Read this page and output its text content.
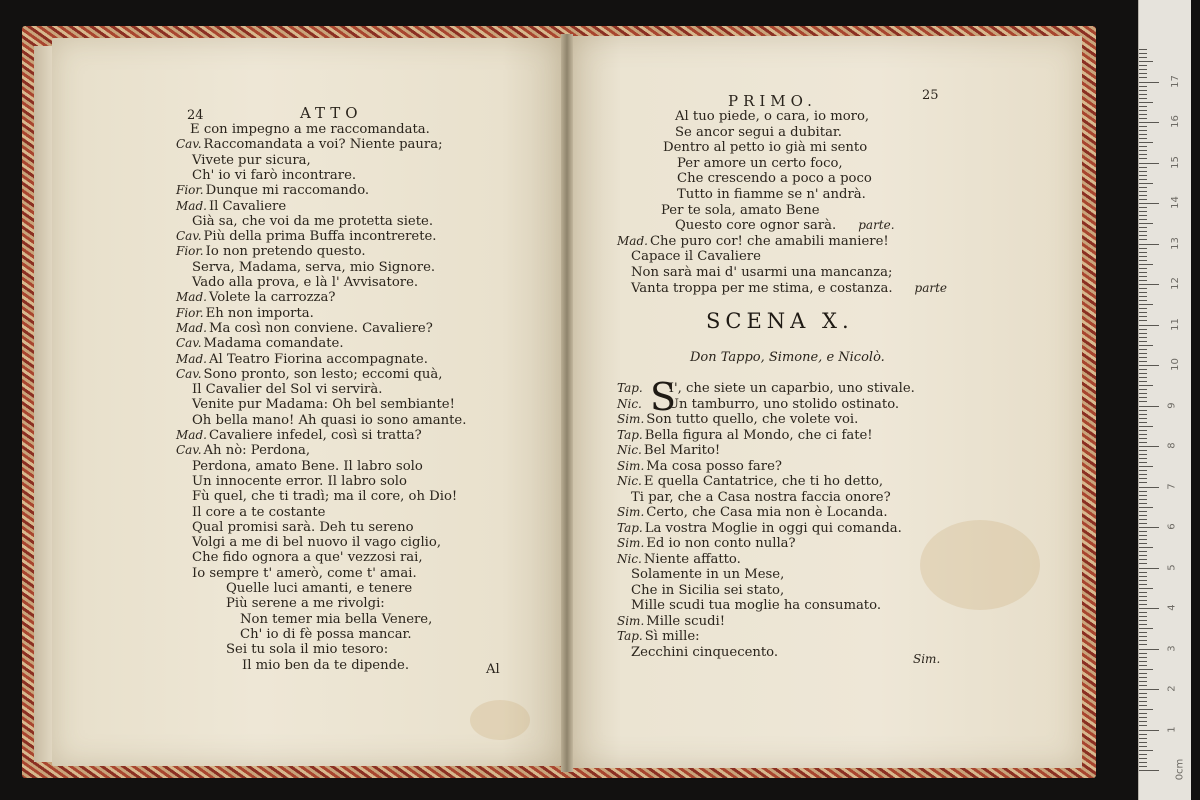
24	ATTO
E con impegno a me raccomandata.
Cav. Raccomandata a voi? Niente paura;
Vivete pur sicura,
Ch' io vi farò incontrare.
Fior. Dunque mi raccomando.
Mad. Il Cavaliere
Già sa, che voi da me protetta siete.
Cav. Più della prima Buffa incontrerete.
Fior. Io non pretendo questo.
Serva, Madama, serva, mio Signore.
Vado alla prova, e là l' Avvisatore.
Mad. Volete la carrozza?
Fior. Eh non importa.
Mad. Ma così non conviene. Cavaliere?
Cav. Madama comandate.
Mad. Al Teatro Fiorina accompagnate.
Cav. Sono pronto, son lesto; eccomi quà,
Il Cavalier del Sol vi servirà.
Venite pur Madama: Oh bel sembiante!
Oh bella mano! Ah quasi io sono amante.
Mad. Cavaliere infedel, così si tratta?
Cav. Ah nò: Perdona,
Perdona, amato Bene. Il labro solo
Un innocente error. Il labro solo
Fù quel, che ti tradì; ma il core, oh Dio!
Il core a te costante
Qual promisi sarà. Deh tu sereno
Volgi a me di bel nuovo il vago ciglio,
Che fido ognora a que' vezzosi rai,
Io sempre t' amerò, come t' amai.
Quelle luci amanti, e tenere
Più serene a me rivolgi:
Non temer mia bella Venere,
Ch' io di fè possa mancar.
Sei tu sola il mio tesoro:
Il mio ben da te dipende.	Al
PRIMO.	25
Al tuo piede, o cara, io moro,
Se ancor segui a dubitar.
Dentro al petto io già mi sento
Per amore un certo foco,
Che crescendo a poco a poco
Tutto in fiamme se n' andrà.
Per te sola, amato Bene
Questo core ognor sarà. parte.
Mad. Che puro cor! che amabili maniere!
Capace il Cavaliere
Non sarà mai d' usarmi una mancanza;
Vanta troppa per me stima, e costanza. parte
SCENA X.
Don Tappo, Simone, e Nicolò.
S
Tap. I', che siete un caparbio, uno stivale.
Nic. Un tamburro, uno stolido ostinato.
Sim. Son tutto quello, che volete voi.
Tap. Bella figura al Mondo, che ci fate!
Nic. Bel Marito!
Sim. Ma cosa posso fare?
Nic. E quella Cantatrice, che ti ho detto,
Ti par, che a Casa nostra faccia onore?
Sim. Certo, che Casa mia non è Locanda.
Tap. La vostra Moglie in oggi qui comanda.
Sim. Ed io non conto nulla?
Nic. Niente affatto.
Solamente in un Mese,
Che in Sicilia sei stato,
Mille scudi tua moglie ha consumato.
Sim. Mille scudi!
Tap. Sì mille:
Zecchini cinquecento.	Sim.
0cm
1
2
3
4
5
6
7
8
9
10
11
12
13
14
15
16
17
